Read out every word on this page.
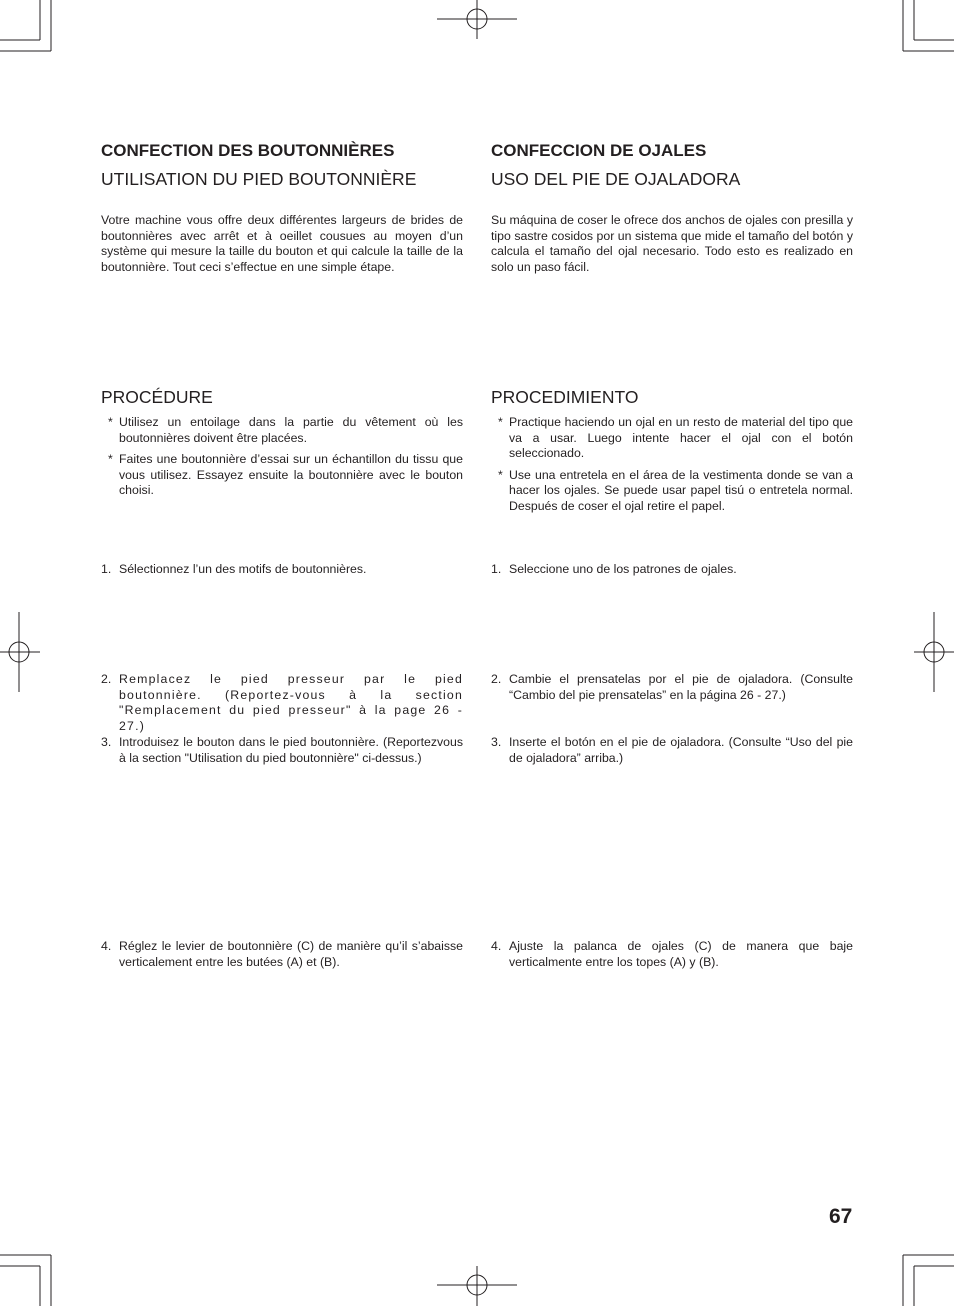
CONFECTION DES BOUTONNIÈRES
UTILISATION DU PIED BOUTONNIÈRE

Votre machine vous offre deux différentes largeurs de brides de boutonnières avec arrêt et à oeillet cousues au moyen d’un système qui mesure la taille du bouton et qui calcule la taille de la boutonnière. Tout ceci s’effectue en une simple étape.

PROCÉDURE
* Utilisez un entoilage dans la partie du vêtement où les boutonnières doivent être placées.
* Faites une boutonnière d’essai sur un échantillon du tissu que vous utilisez. Essayez ensuite la boutonnière avec le bouton choisi.
1. Sélectionnez l’un des motifs de boutonnières.
2. Remplacez le pied presseur par le pied boutonnière. (Reportez-vous à la section "Remplacement du pied presseur" à la page 26 - 27.)
3. Introduisez le bouton dans le pied boutonnière. (Reportezvous à la section "Utilisation du pied boutonnière" ci-dessus.)
4. Réglez le levier de boutonnière (C) de manière qu’il s’abaisse verticalement entre les butées (A) et (B).
CONFECCION DE OJALES
USO DEL PIE DE OJALADORA

Su máquina de coser le ofrece dos anchos de ojales con presilla y tipo sastre cosidos por un sistema que mide el tamaño del botón y calcula el tamaño del ojal necesario. Todo esto es realizado en solo un paso fácil.

PROCEDIMIENTO
* Practique haciendo un ojal en un resto de material del tipo que va a usar. Luego intente hacer el ojal con el botón seleccionado.
* Use una entretela en el área de la vestimenta donde se van a hacer los ojales. Se puede usar papel tisú o entretela normal. Después de coser el ojal retire el papel.
1. Seleccione uno de los patrones de ojales.
2. Cambie el prensatelas por el pie de ojaladora. (Consulte “Cambio del pie prensatelas” en la página 26 - 27.)
3. Inserte el botón en el pie de ojaladora. (Consulte “Uso del pie de ojaladora” arriba.)
4. Ajuste la palanca de ojales (C) de manera que baje verticalmente entre los topes (A) y (B).

67
